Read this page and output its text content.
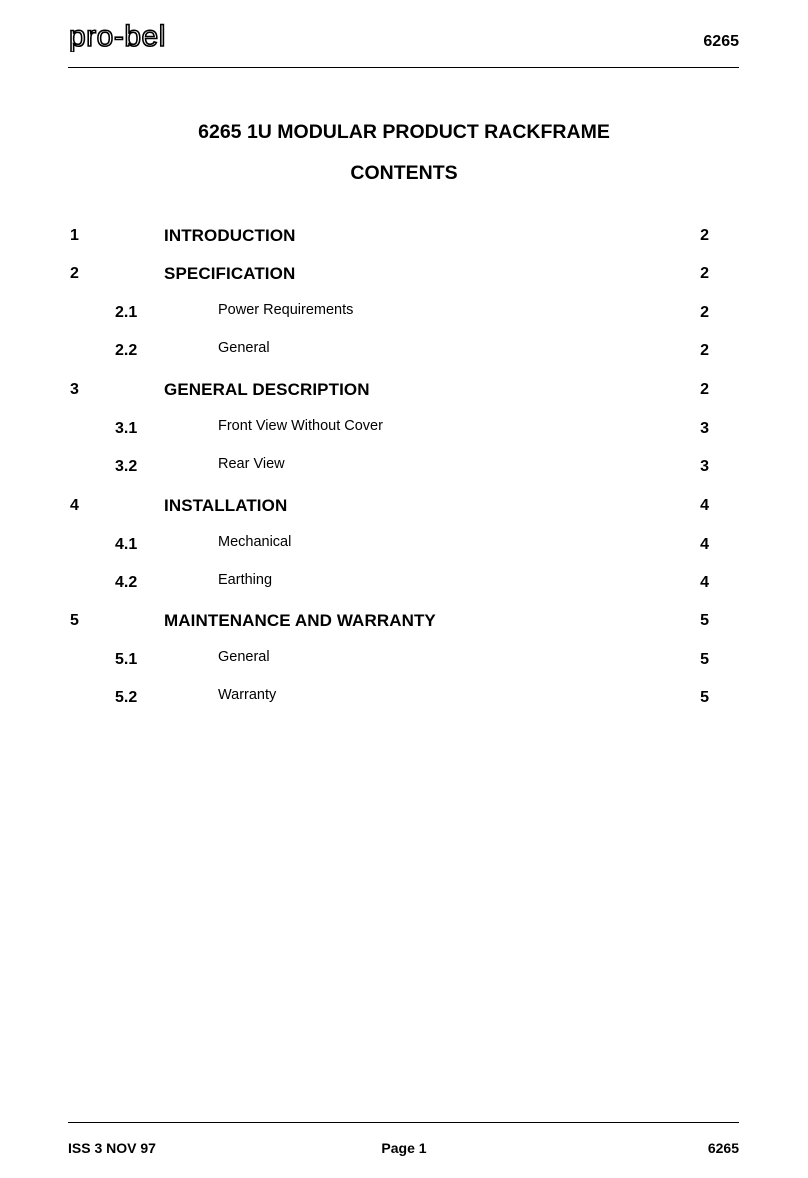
pro-bel	6265
6265 1U MODULAR PRODUCT RACKFRAME
CONTENTS
1	INTRODUCTION	2
2	SPECIFICATION	2
2.1	Power Requirements	2
2.2	General	2
3	GENERAL DESCRIPTION	2
3.1	Front View Without Cover	3
3.2	Rear View	3
4	INSTALLATION	4
4.1	Mechanical	4
4.2	Earthing	4
5	MAINTENANCE AND WARRANTY	5
5.1	General	5
5.2	Warranty	5
ISS 3 NOV 97	Page 1	6265
